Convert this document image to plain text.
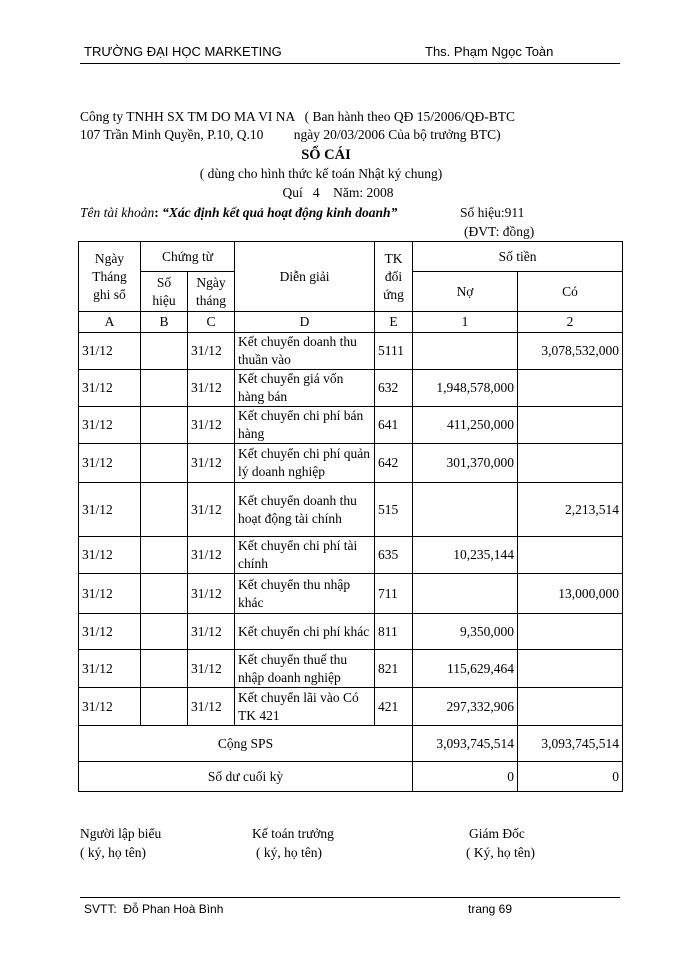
TRƯỜNG ĐẠI HỌC MARKETING	Ths. Phạm Ngọc Toàn
Công ty TNHH SX TM DO MA VI NA   ( Ban hành theo QĐ 15/2006/QĐ-BTC
107 Trần Minh Quyền, P.10, Q.10         ngày 20/03/2006 Của bộ trưởng BTC)
SỔ CÁI
( dùng cho hình thức kế toán Nhật ký chung)
Quí   4    Năm: 2008
Tên tài khoản: “Xác định kết quả hoạt động kinh doanh”	Số hiệu:911
(ĐVT: đồng)
Ngày Tháng ghi sổ	Chứng từ		Diễn giải	TK đối ứng	Số tiền	
	Số hiệu	Ngày tháng			Nợ	Có
A	B	C	D	E	1	2
31/12		31/12	Kết chuyển doanh thu thuần vào	5111		3,078,532,000
31/12		31/12	Kết chuyển giá vốn hàng bán	632	1,948,578,000	
31/12		31/12	Kết chuyển chi phí bán hàng	641	411,250,000	
31/12		31/12	Kết chuyển chi phí quản lý doanh nghiệp	642	301,370,000	
31/12		31/12	Kết chuyển doanh thu hoạt động tài chính	515		2,213,514
31/12		31/12	Kết chuyển chi phí tài chính	635	10,235,144	
31/12		31/12	Kết chuyển thu nhập khác	711		13,000,000
31/12		31/12	Kết chuyển chi phí khác	811	9,350,000	
31/12		31/12	Kết chuyển thuế thu nhập doanh nghiệp	821	115,629,464	
31/12		31/12	Kết chuyển lãi vào Có TK 421	421	297,332,906	
Cộng SPS					3,093,745,514	3,093,745,514
Số dư cuối kỳ					0	0
Người lập biểu
( ký, họ tên)
Kế toán trưởng
( ký, họ tên)
Giám Đốc
( Ký, họ tên)
SVTT:  Đỗ Phan Hoà Bình	trang 69
